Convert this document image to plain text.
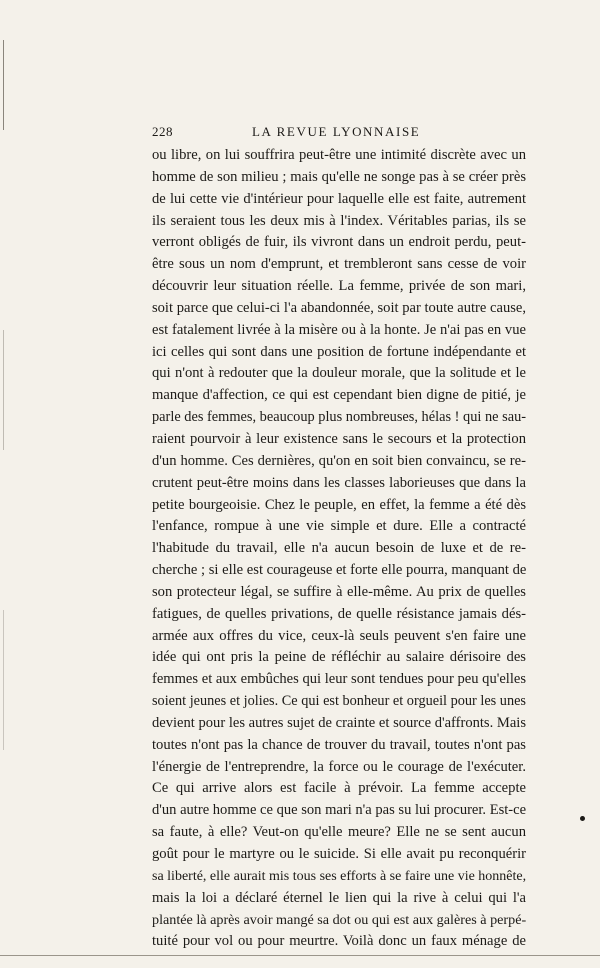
228	LA REVUE LYONNAISE
ou libre, on lui souffrira peut-être une intimité discrète avec un
homme de son milieu ; mais qu'elle ne songe pas à se créer près
de lui cette vie d'intérieur pour laquelle elle est faite, autrement
ils seraient tous les deux mis à l'index. Véritables parias, ils se
verront obligés de fuir, ils vivront dans un endroit perdu, peut-
être sous un nom d'emprunt, et trembleront sans cesse de voir
découvrir leur situation réelle. La femme, privée de son mari,
soit parce que celui-ci l'a abandonnée, soit par toute autre cause,
est fatalement livrée à la misère ou à la honte. Je n'ai pas en vue
ici celles qui sont dans une position de fortune indépendante et
qui n'ont à redouter que la douleur morale, que la solitude et le
manque d'affection, ce qui est cependant bien digne de pitié, je
parle des femmes, beaucoup plus nombreuses, hélas ! qui ne sau-
raient pourvoir à leur existence sans le secours et la protection
d'un homme. Ces dernières, qu'on en soit bien convaincu, se re-
crutent peut-être moins dans les classes laborieuses que dans la
petite bourgeoisie. Chez le peuple, en effet, la femme a été dès
l'enfance, rompue à une vie simple et dure. Elle a contracté
l'habitude du travail, elle n'a aucun besoin de luxe et de re-
cherche ; si elle est courageuse et forte elle pourra, manquant de
son protecteur légal, se suffire à elle-même. Au prix de quelles
fatigues, de quelles privations, de quelle résistance jamais dés-
armée aux offres du vice, ceux-là seuls peuvent s'en faire une
idée qui ont pris la peine de réfléchir au salaire dérisoire des
femmes et aux embûches qui leur sont tendues pour peu qu'elles
soient jeunes et jolies. Ce qui est bonheur et orgueil pour les unes
devient pour les autres sujet de crainte et source d'affronts. Mais
toutes n'ont pas la chance de trouver du travail, toutes n'ont pas
l'énergie de l'entreprendre, la force ou le courage de l'exécuter.
Ce qui arrive alors est facile à prévoir. La femme accepte
d'un autre homme ce que son mari n'a pas su lui procurer. Est-ce
sa faute, à elle? Veut-on qu'elle meure? Elle ne se sent aucun
goût pour le martyre ou le suicide. Si elle avait pu reconquérir
sa liberté, elle aurait mis tous ses efforts à se faire une vie honnête,
mais la loi a déclaré éternel le lien qui la rive à celui qui l'a
plantée là après avoir mangé sa dot ou qui est aux galères à perpé-
tuité pour vol ou pour meurtre. Voilà donc un faux ménage de
